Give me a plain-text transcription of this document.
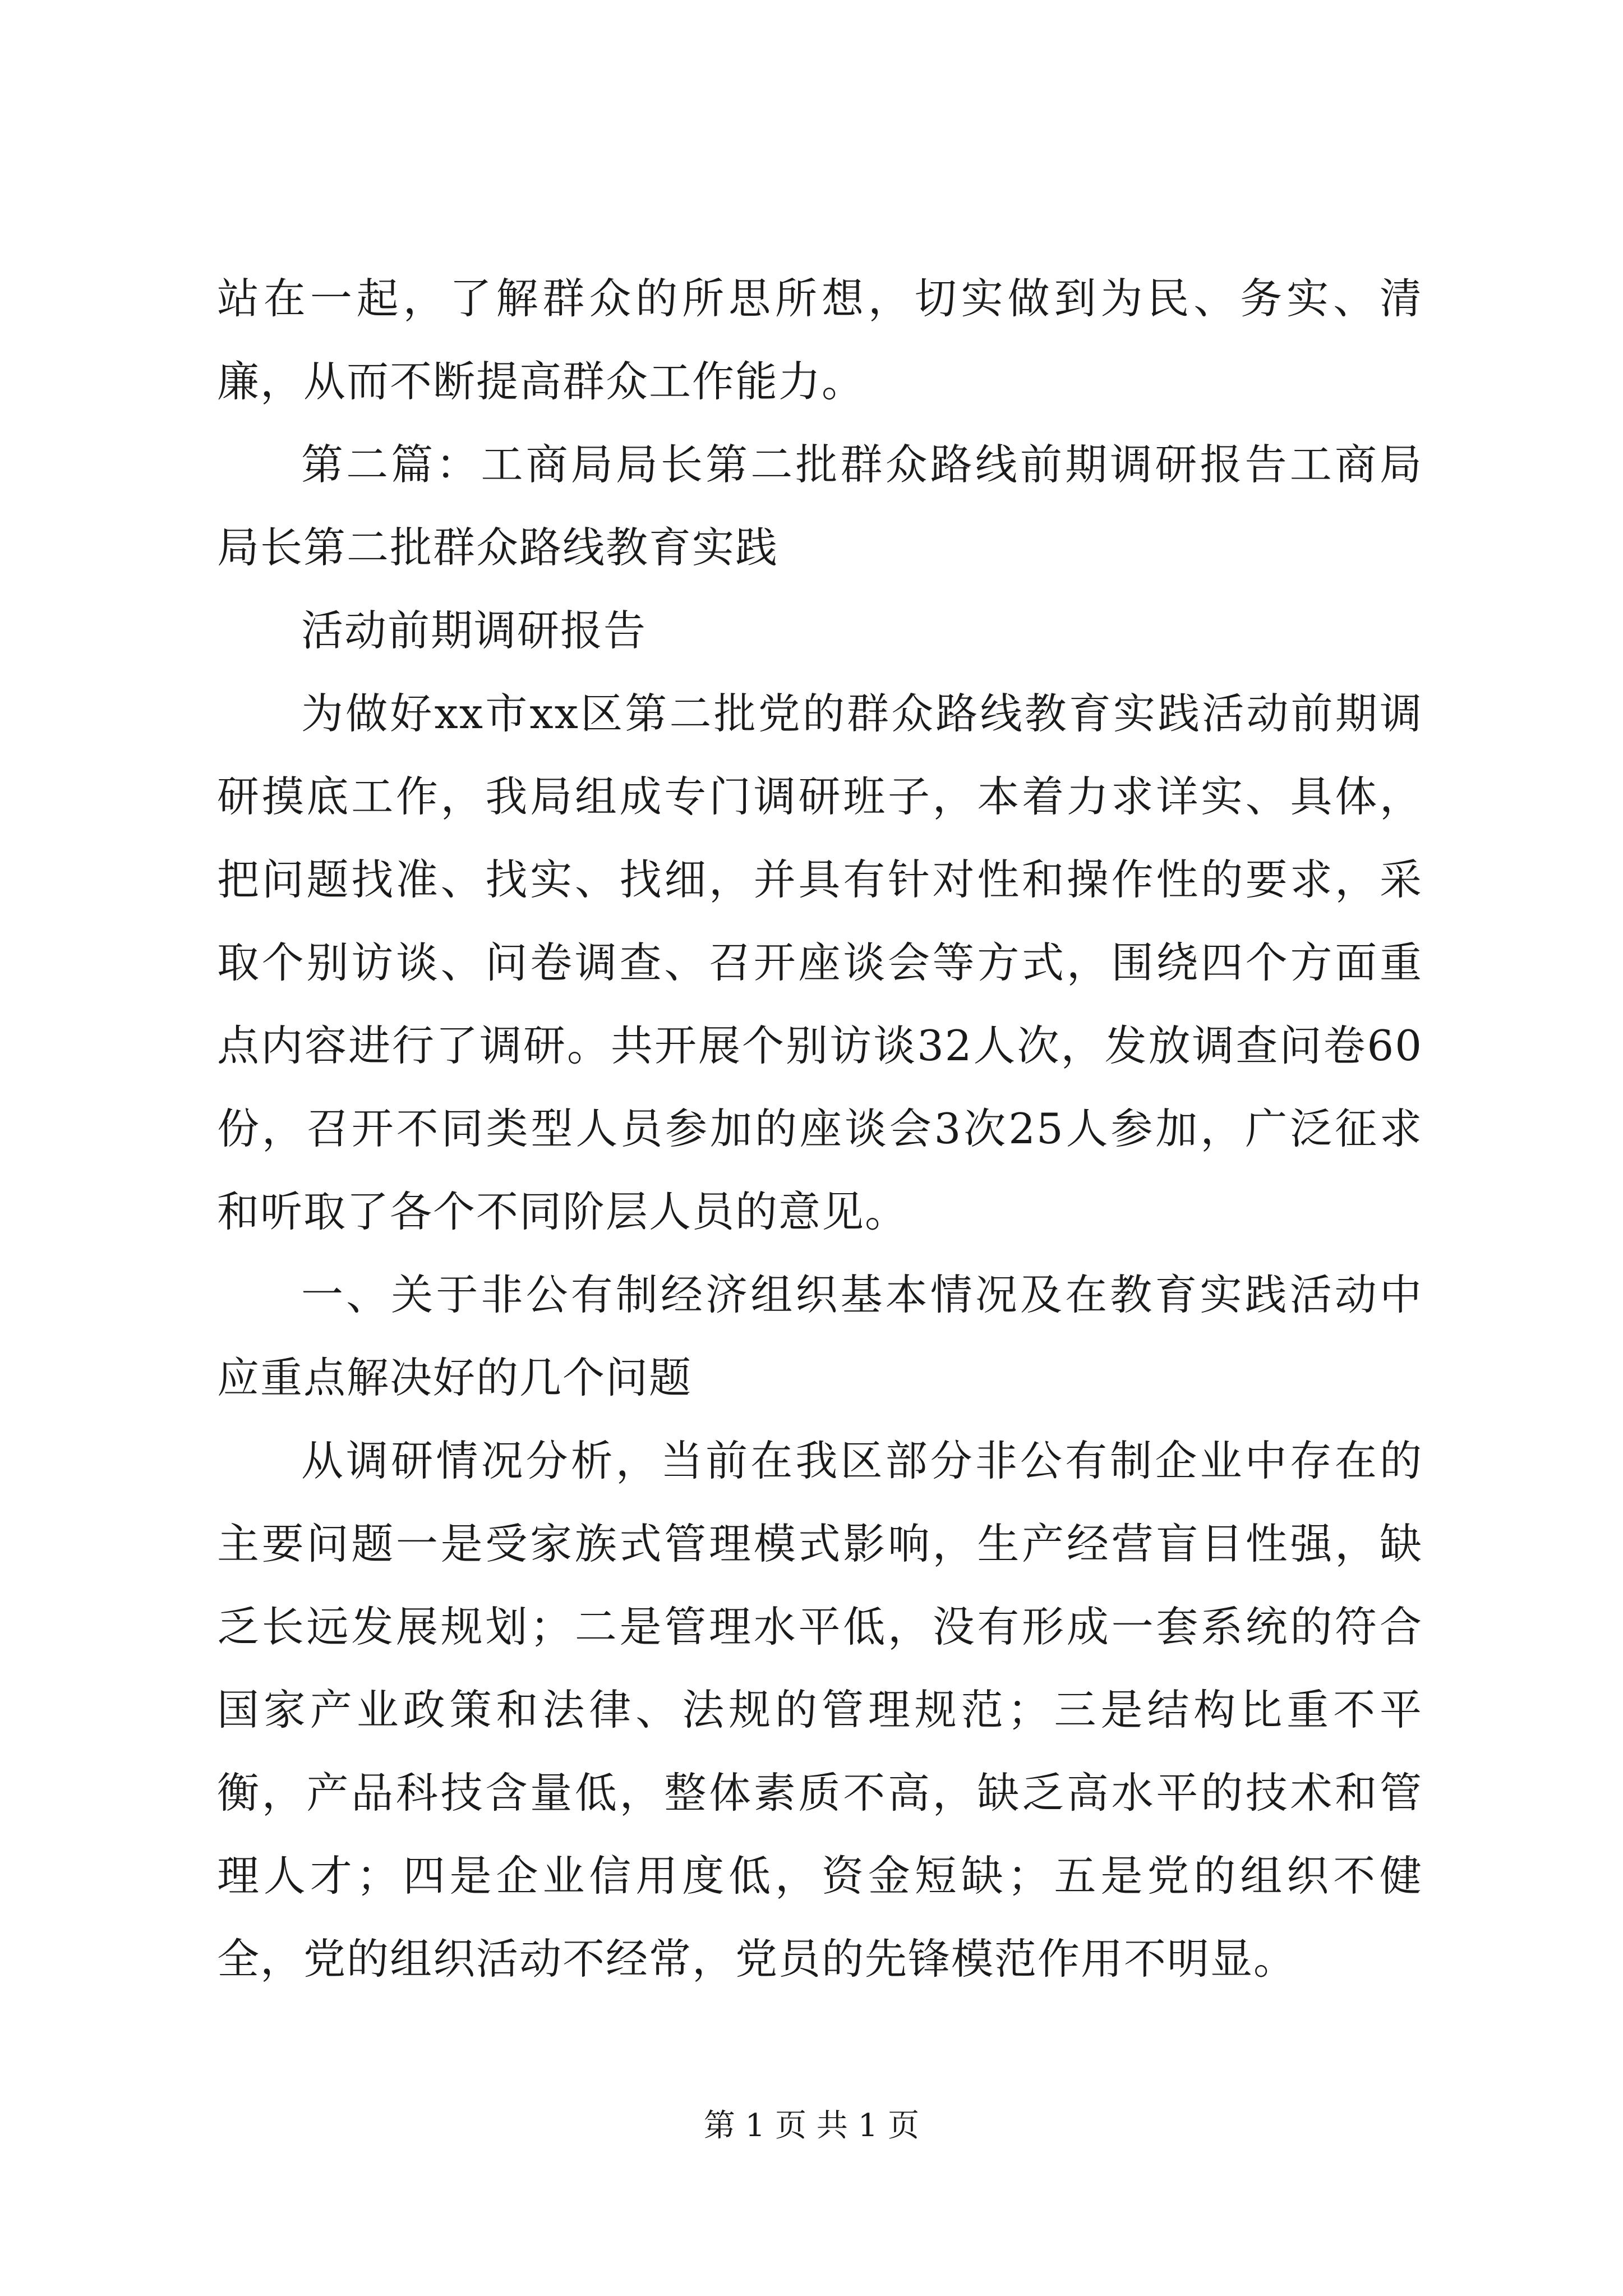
站在一起，了解群众的所思所想，切实做到为民、务实、清廉，从而不断提高群众工作能力。

第二篇：工商局局长第二批群众路线前期调研报告工商局局长第二批群众路线教育实践

活动前期调研报告

为做好xx市xx区第二批党的群众路线教育实践活动前期调研摸底工作，我局组成专门调研班子，本着力求详实、具体，把问题找准、找实、找细，并具有针对性和操作性的要求，采取个别访谈、问卷调查、召开座谈会等方式，围绕四个方面重点内容进行了调研。共开展个别访谈32人次，发放调查问卷60份，召开不同类型人员参加的座谈会3次25人参加，广泛征求和听取了各个不同阶层人员的意见。

一、关于非公有制经济组织基本情况及在教育实践活动中应重点解决好的几个问题

从调研情况分析，当前在我区部分非公有制企业中存在的主要问题一是受家族式管理模式影响，生产经营盲目性强，缺乏长远发展规划；二是管理水平低，没有形成一套系统的符合国家产业政策和法律、法规的管理规范；三是结构比重不平衡，产品科技含量低，整体素质不高，缺乏高水平的技术和管理人才；四是企业信用度低，资金短缺；五是党的组织不健全，党的组织活动不经常，党员的先锋模范作用不明显。

第 1 页 共 1 页
